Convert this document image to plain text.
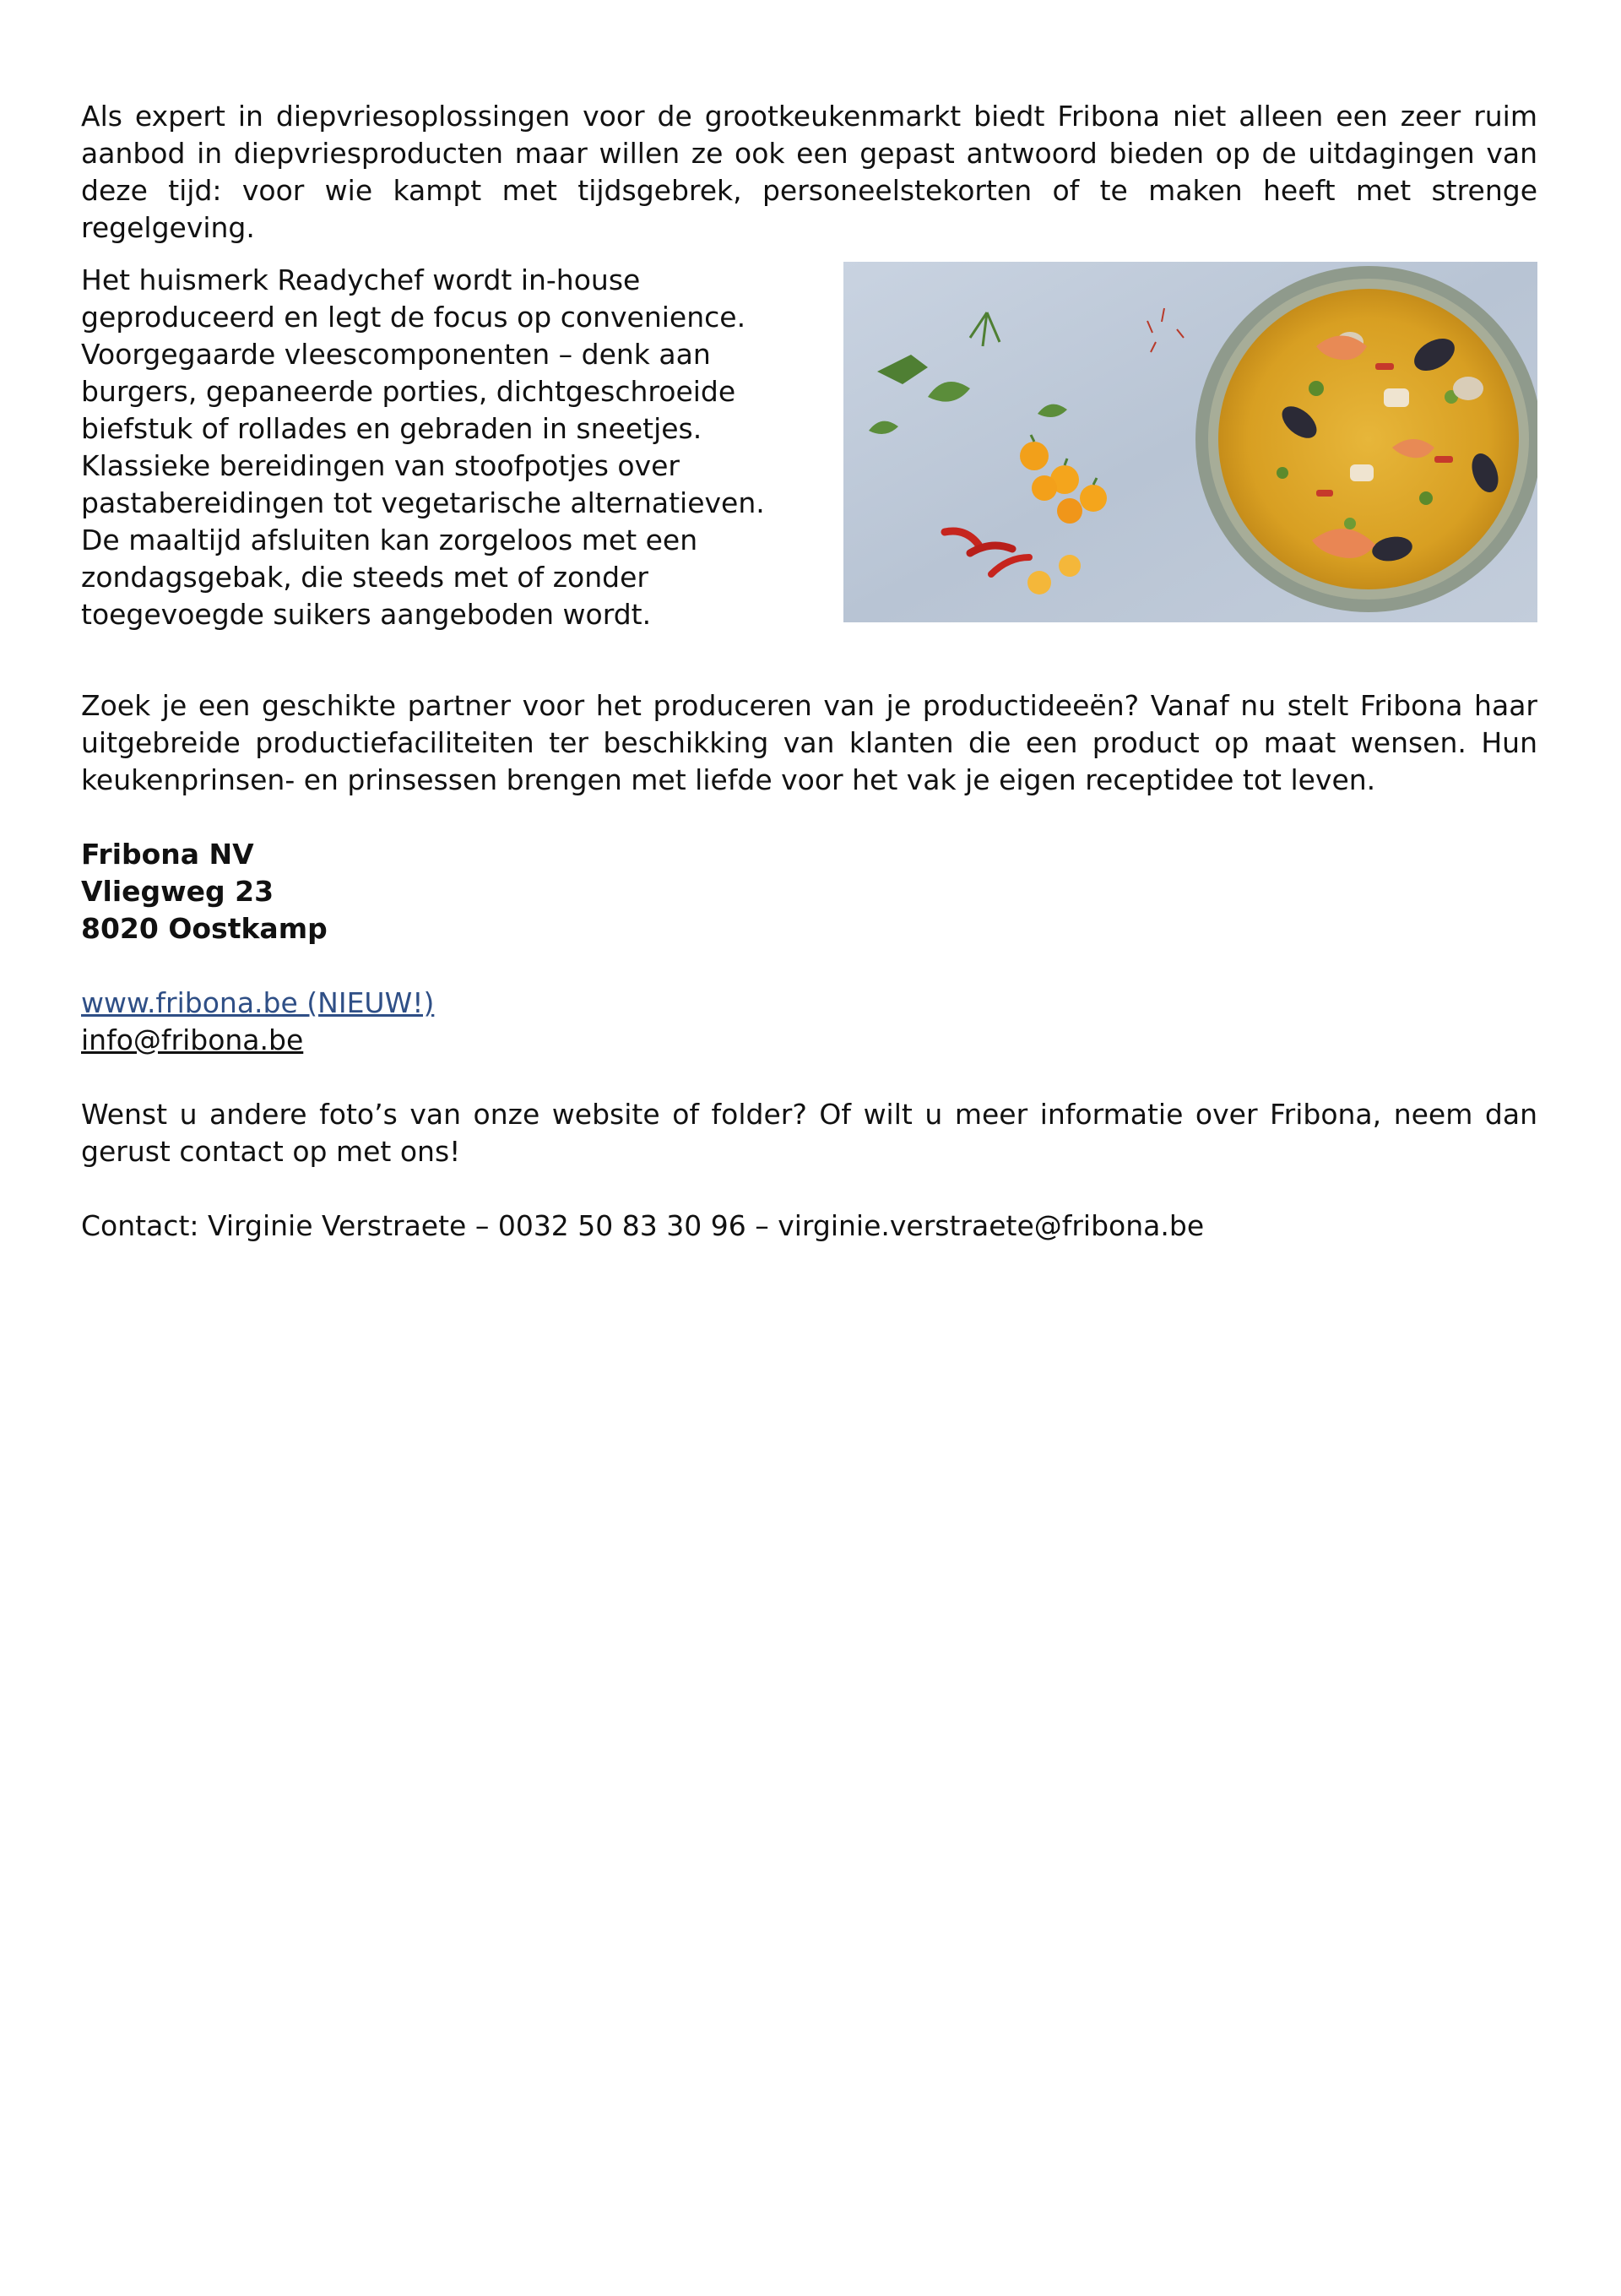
Als expert in diepvriesoplossingen voor de grootkeukenmarkt biedt Fribona niet alleen een zeer ruim aanbod in diepvriesproducten maar willen ze ook een gepast antwoord bieden op de uitdagingen van deze tijd: voor wie kampt met tijdsgebrek, personeelstekorten of te maken heeft met strenge regelgeving.

Het huismerk Readychef wordt in-house
geproduceerd en legt de focus op convenience.
Voorgegaarde vleescomponenten – denk aan
burgers, gepaneerde porties, dichtgeschroeide
biefstuk of rollades en gebraden in sneetjes.
Klassieke bereidingen van stoofpotjes over
pastabereidingen tot vegetarische alternatieven.
De maaltijd afsluiten kan zorgeloos met een
zondagsgebak, die steeds met of zonder
toegevoegde suikers aangeboden wordt.

Zoek je een geschikte partner voor het produceren van je productideeën? Vanaf nu stelt Fribona haar uitgebreide productiefaciliteiten ter beschikking van klanten die een product op maat wensen. Hun keukenprinsen- en prinsessen brengen met liefde voor het vak je eigen receptidee tot leven.

Fribona NV
Vliegweg 23
8020 Oostkamp
www.fribona.be (NIEUW!)
info@fribona.be

Wenst u andere foto’s van onze website of folder? Of wilt u meer informatie over Fribona, neem dan gerust contact op met ons!

Contact: Virginie Verstraete – 0032 50 83 30 96 – virginie.verstraete@fribona.be
